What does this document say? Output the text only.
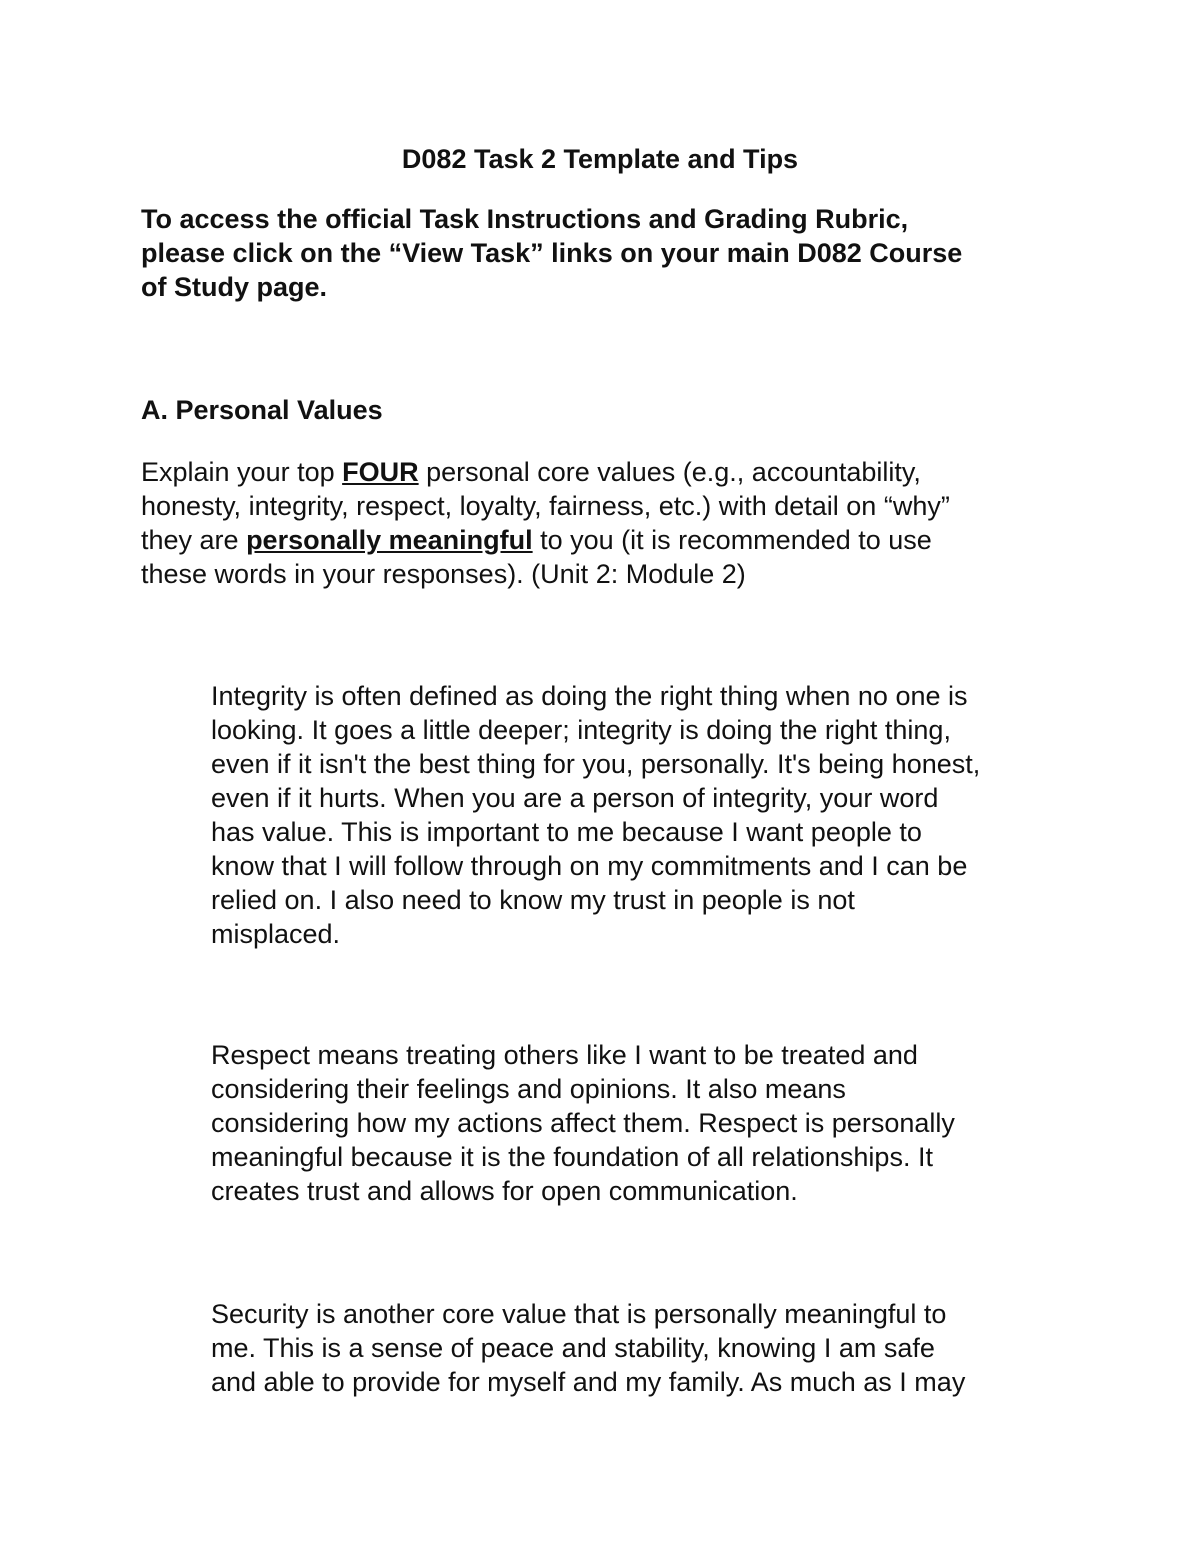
D082 Task 2 Template and Tips

To access the official Task Instructions and Grading Rubric,
please click on the “View Task” links on your main D082 Course
of Study page.

A. Personal Values

Explain your top FOUR personal core values (e.g., accountability,
honesty, integrity, respect, loyalty, fairness, etc.) with detail on “why”
they are personally meaningful to you (it is recommended to use
these words in your responses). (Unit 2: Module 2)

Integrity is often defined as doing the right thing when no one is
looking. It goes a little deeper; integrity is doing the right thing,
even if it isn't the best thing for you, personally. It's being honest,
even if it hurts. When you are a person of integrity, your word
has value. This is important to me because I want people to
know that I will follow through on my commitments and I can be
relied on. I also need to know my trust in people is not
misplaced.

Respect means treating others like I want to be treated and
considering their feelings and opinions. It also means
considering how my actions affect them. Respect is personally
meaningful because it is the foundation of all relationships. It
creates trust and allows for open communication.

Security is another core value that is personally meaningful to
me. This is a sense of peace and stability, knowing I am safe
and able to provide for myself and my family. As much as I may
